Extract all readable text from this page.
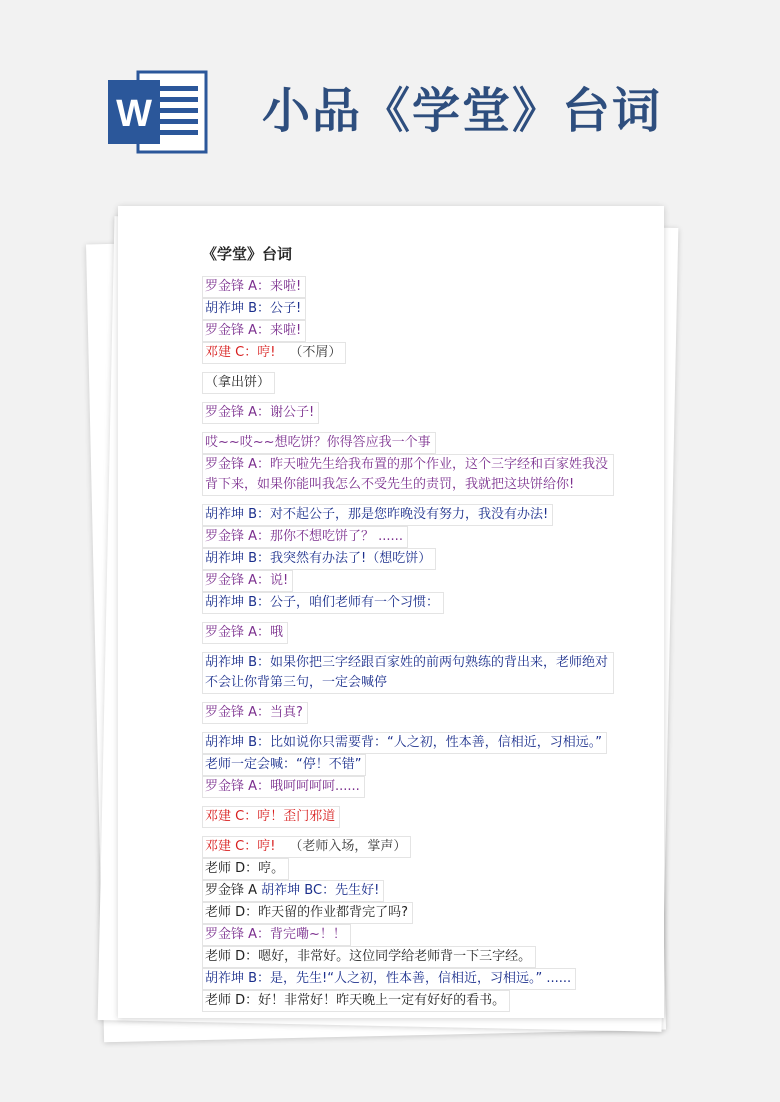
W 小品《学堂》台词
《学堂》台词
罗金锋 A：来啦!
胡祚坤 B：公子!
罗金锋 A：来啦!
邓建 C：哼! （不屑）
（拿出饼）
罗金锋 A：谢公子!
哎~~哎~~想吃饼？你得答应我一个事
罗金锋 A：昨天啦先生给我布置的那个作业，这个三字经和百家姓我没背下来，如果你能叫我怎么不受先生的责罚，我就把这块饼给你!
胡祚坤 B：对不起公子，那是您昨晚没有努力，我没有办法!
罗金锋 A：那你不想吃饼了？ ......
胡祚坤 B：我突然有办法了!（想吃饼）
罗金锋 A：说!
胡祚坤 B：公子，咱们老师有一个习惯：
罗金锋 A：哦
胡祚坤 B：如果你把三字经跟百家姓的前两句熟练的背出来，老师绝对不会让你背第三句，一定会喊停
罗金锋 A：当真?
胡祚坤 B：比如说你只需要背：“人之初，性本善，信相近，习相远。”
老师一定会喊：“停！不错”
罗金锋 A：哦呵呵呵呵......
邓建 C：哼！歪门邪道
邓建 C：哼! （老师入场，掌声）
老师 D：哼。
罗金锋 A 胡祚坤 BC：先生好!
老师 D：昨天留的作业都背完了吗?
罗金锋 A：背完嘞~！！
老师 D：嗯好，非常好。这位同学给老师背一下三字经。
胡祚坤 B：是，先生!“人之初，性本善，信相近，习相远。” ......
老师 D：好！非常好！昨天晚上一定有好好的看书。
